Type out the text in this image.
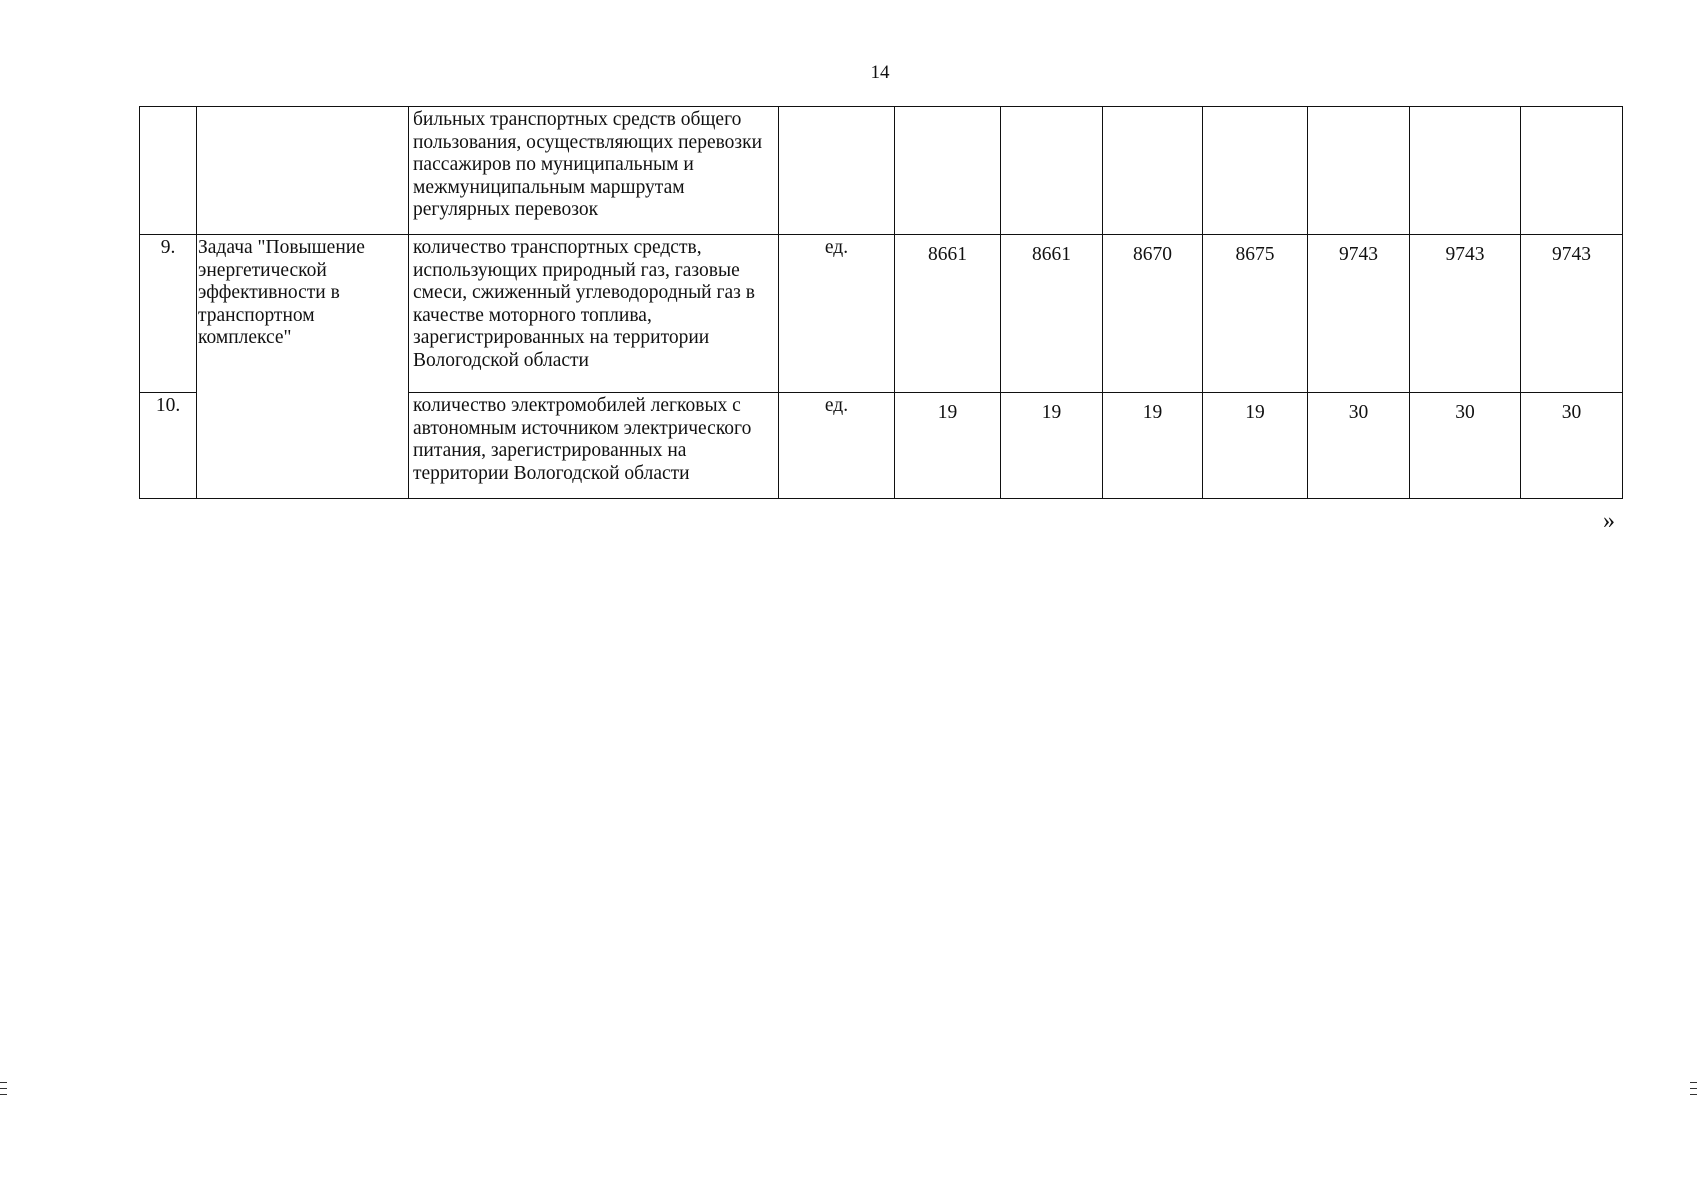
14
		бильных транспортных средств общего пользования, осуществляющих перевозки пассажиров по муниципальным и межмуниципальным маршрутам регулярных перевозок								
9.	Задача "Повышение энергетической эффективности в транспортном комплексе"	количество транспортных средств, использующих природный газ, газовые смеси, сжиженный углеводородный газ в качестве моторного топлива, зарегистрированных на территории Вологодской области	ед.	8661	8661	8670	8675	9743	9743	9743
10.		количество электромобилей легковых с автономным источником электрического питания, зарегистрированных на территории Вологодской области	ед.	19	19	19	19	30	30	30
»
